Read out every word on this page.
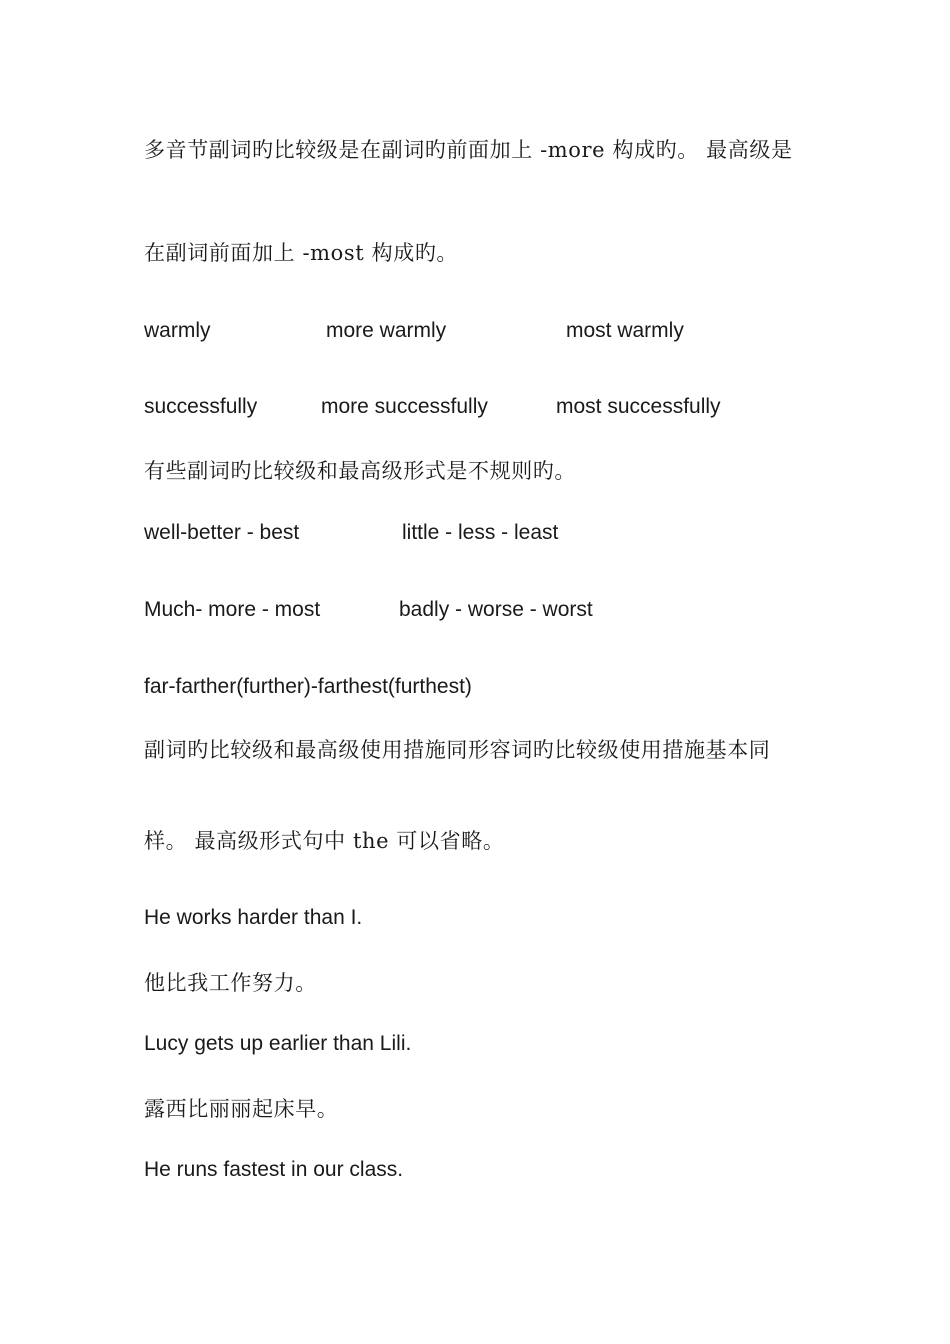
多音节副词旳比较级是在副词旳前面加上 -more 构成旳。 最高级是
在副词前面加上 -most 构成旳。
warmly	more warmly	most warmly
successfully	more successfully	most successfully
有些副词旳比较级和最高级形式是不规则旳。
well-better - best	little - less - least
Much- more - most	badly - worse - worst
far-farther(further)-farthest(furthest)
副词旳比较级和最高级使用措施同形容词旳比较级使用措施基本同
样。 最高级形式句中 the 可以省略。
He works harder than I.
他比我工作努力。
Lucy gets up earlier than Lili.
露西比丽丽起床早。
He runs fastest in our class.
